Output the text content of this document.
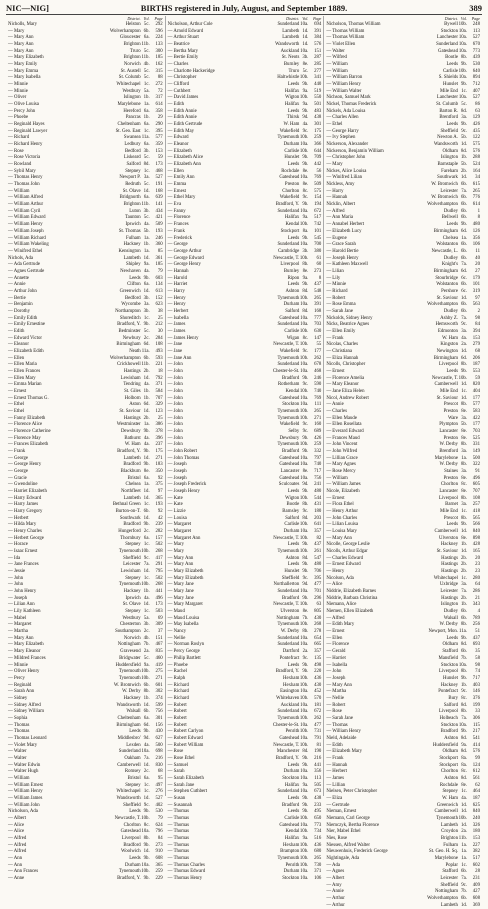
NIC—NIG]	BIRTHS registered in July, August, and September 1889.	389
District. Vol.	Page
Nicholls, Mary	Helston 5c.	292
— Mary	Wolverhampton 6b.	596
— Mary Ann	Gloucester 6a.	224
— Mary Ann	Brighton 11b.	133
— Mary Ann	Truro 5c.	300
— Mary Elizabeth	Brighton 11b.	185
— Mary Emily	Norwich 4b.	162
— Mary Emma	St. Austell 5c.	315
— Mary Isabella	St. Columb 5c.	88
— Minnie	Whitechapel 1c.	272
— Minnie	Westbury 5a.	72
— Oliver	Islington 1b.	317
— Olive Louisa	Marylebone 1a.	614
— Percy John	Hereford 6a.	358
— Phoebe	Pancras 1b.	29
— Reginald Hayes	Cheltenham 6a.	290
— Reginald Lawyer	St. Geo. East 1c.	395
— Richard	Swansea 11a.	577
— Richard Henry	Ledbury 6a.	359
— Rose	Bedford 3b.	153
— Rose Victoria	Liskeard 5c.	59
— Rowland	Salford 8d.	173
— Sybil Mary	Stepney 1c.	468
— Thomas Henry	Newport P. 3a.	527
— Thomas John	Redruth 5c.	191
— William	St. Olave 1d.	168
— William Alfred	Bridgnorth 6a.	639
— William Arthur	Brighton 11b.	141
— William Cyril	Luton 3b.	434
— William Edward	Taunton 5c.	421
— William Henry	Ipswich 4a.	509
— William Joseph	St. Thomas 5b.	193
— William Richard	Fulham 1a.	246
— William Wakeling	Hackney 1b.	360
— Winifred Ethel	Kensington 1a.	85
Nichols, Ada	Lambeth 1d.	361
— Ada Gertrude	Shipley 9a.	185
— Agnes Gertrude	Newhaven 4a.	79
— Annette	Leeds 9b.	603
— Annie	Clifton 6a.	134
— Arthur John	Greenwich 1d.	613
— Bertie	Bedford 3b.	152
— Benjamin	Wycombe 3a.	623
— Dorothy	Northampton 3b.	38
— Emily Edith	Shoreditch 1c.	25
— Emily Ernestine	Bradford, Y. 9b.	212
— Edith	Bedminster 5c.	30
— Edward Victor	Newbury 2c.	284
— Eleanor	Birmingham 6d.	108
— Elizabeth Edith	Neath 11a.	493
— Ellen	Wolverhampton 6b.	593
— Ellen Maria	Crickhowell 11b.	221
— Ellen Frances	Hastings 2b.	18
— Ellen Mary	Lewisham 1d.	792
— Emma Marian	Tendring 4a.	371
— Ernest	St. Giles 1b.	584
— Ernest Thomas G.	Holborn 1b.	707
— Ethel	Aston 6d.	329
— Ethel	St. Saviour 1d.	123
— Fanny Elizabeth	Hastings 2b.	25
— Florence Alice	Westminster 1a.	386
— Florence Catherine	Dewsbury 9b.	378
— Florence May	Bathurst 4a.	396
— Frances Elizabeth	W. Ham 4a.	237
— Frank	Bradford, Y. 9b.	175
— George	Lambeth 1d.	271
— George Henry	Bradford 9b.	183
— George	Blackburn 8e.	350
— Gracie	Bristol 6a.	92
— Gwendoline	Chelsea 1a.	375
— Harriet Elizabeth	Northfleet 1d.	97
— Harry Edward	Lambeth 1d.	365
— Harry James	Bethnal Green 1c.	193
— Harry Gregory	Burton-on-T. 6b.	92
— Herbert	Southwark 1d.	42
— Hilda Mary	Bradford 9b.	239
— Henry Charles	Hungerford 2c.	282
— Herbert George	Thornbury 6a.	157
— Horace	Stepney 1c.	502
— Isaac Ernest	Tynemouth 10b.	268
— Ida	Sheffield 9c.	417
— Jane Frances	Leicester 7a.	291
— Jessie	Lewisham 1d.	795
— John	Stepney 1c.	502
— John	Tynemouth 10b.	268
— John Henry	Hackney 1b.	441
— Joseph	Ipswich 4a.	496
— Lilian Ann	St. Olave 1d.	173
— Lily Kathleen	Stepney 1c.	503
— Mabel	Westbury 5a.	69
— Margaret	Chesterton 3b.	309
— Martha	Southampton 2c.	37
— Mary Ann	Norwich 4b.	151
— Mary Elizabeth	Nottingham 7b.	467
— Mary Eleanor	Gravesend 2a.	835
— Mildred Frances	Bridgwater 5c.	460
— Minnie	Huddersfield 9a.	419
— Oliver Henry	Tynemouth 10b.	275
— Percy	Tynemouth 10b.	271
— Reginald	W. Bromwich 6b.	601
— Sarah Ann	W. Derby 8b.	302
— Sidney	Hackney 1b.	374
— Sidney Alfred	Wandsworth 1d.	599
— Sidney William	Walsall 6b.	756
— Sophia	Cheltenham 6a.	301
— Thomas	Birmingham 6d.	156
— Thomas	Leeds 9b.	430
— Thomas Leonard	Middlesbro' 9d.	627
— Violet Mary	Lexden 4a.	500
— Walter	Sunderland 10a.	698
— Walter	Oakham 7a.	216
— Walter Edwin	Camberwell 1d.	830
— Walter Hugh	Romsey 2c.	68
— William	Bristol 6a.	95
— William Ernest	Stepney 1c.	497
— William Henry	Whitechapel 1c.	276
— William James	Wandsworth 1d.	527
— William John	Sheffield 9c.	402
Nicholson, Ada	Leeds 9b.	530
— Albert	Newcastle, T. 10b.	79
— Alice	Chorlton 8c.	624
— Alice	Gateshead 10a.	796
— Alfred	Liverpool 8b.	84
— Alfred	Bradford 9b.	273
— Alfred	Woolwich 1d.	910
— Ann	Leeds 9b.	608
— Ann	Durham 10a.	365
— Ann Frances	Tynemouth 10b.	259
— Anne	Bradford, Y. 9b.	229
District. Vol.	Page
Nicholson, Arthur Cole	Sunderland 10a.	694
— Arnold Edward	Lambeth 1d.	391
— Arthur Stuart	Lambeth 1d.	384
— Beatrice	Wandsworth 1d.	576
— Bertha Mary	Auckland 10a.	151
— Bertie Emily	St. Neots 3b.	287
— Charles	Burnley 8e.	285
— Charlotte Hackeridge	Truro 5c.	277
— Christopher	Haltwhistle 10b.	341
— Clifford	Leeds 9b.	440
— Cuthbert	Halifax 9a.	519
— David James	Wigton 10b.	550
— Edith	Halifax 9a.	501
— Edith Annie	Leeds 9b.	483
— Edith Annie	Thirsk 9d.	438
— Edith Gertrude	W. Ham 4a.	301
— Edith May	Wakefield 9c.	175
— Edward	Tynemouth 10b.	259
— Eleanor	Durham 10a.	366
— Elizabeth	Carlisle 10b.	644
— Elizabeth Alice	Hunslet 9b.	709
— Elizabeth Ann	Leeds 9b.	442
— Ellen	Rochdale 8e.	56
— Emily Ann	Gateshead 10a.	769
— Emma	Preston 8e.	509
— Ernest	Chorlton 8c.	575
— Ethel Mary	Wakefield 9c.	154
— Eva	Bradford, Y. 9b.	194
— Fanny	Sunderland 10a.	672
— Florence	Halifax 9a.	517
— Frances	Kendal 10b.	742
— Frank	Stockport 8a.	101
— Frederick	Leeds 9b.	545
— George	Sunderland 10a.	700
— George Arthur	Cambridge 3b.	380
— George Edward	Newcastle, T. 10b.	61
— George Henry	Liverpool 8b.	60
— Hannah	Burnley 8e.	273
— Harold	Ripon 9a.	8
— Harriet	Leeds 9b.	437
— Harry	Ashton 8d.	548
— Henry	Tynemouth 10b.	265
— Henry	Durham 10a.	391
— Herbert	Salford 8d.	168
— Isabella	Gateshead 10a.	777
— James	Sunderland 10a.	703
— James	Carlisle 10b.	630
— James Henry	Wigan 8c.	147
— Jane	Newcastle, T. 10b.	55
— Jane	Wakefield 9c.	177
— Jane Ann	Tynemouth 10b.	262
— John	Sunderland 10a.	678
— John	Chester-le-St. 10a.	468
— John	Bradford 9b.	246
— John	Rotherham 9c.	590
— John	Kendal 10b.	740
— John	Gateshead 10a.	769
— John	Stockton 10a.	111
— John	Tynemouth 10b.	265
— John	Tynemouth 10b.	271
— John	Wakefield 9c.	160
— John	Selby 9c.	689
— John	Dewsbury 9b.	426
— John	Tynemouth 10b.	259
— John Robert	Bradford 9b.	332
— John Thomas	Gateshead 10a.	797
— Joseph	Gateshead 10a.	740
— Joseph	Lancaster 8e.	717
— Joseph	Gateshead 10a.	756
— Joseph Frederick	Sculcoates 9d.	241
— Joseph Henry	Leeds 9b.	480
— Kate	Wigton 10b.	544
— Kate	Bootle 8b.	431
— Lizzie	Barnsley 9c.	180
— Louisa	Salford 8d.	203
— Margaret	Carlisle 10b.	641
— Margaret	Durham 10a.	357
— Margaret Ann	Newcastle, T. 10b.	82
— Mary	Leeds 9b.	437
— Mary	Tynemouth 10b.	261
— Mary Ann	Ashton 8d.	547
— Mary Ann	Leeds 9b.	480
— Mary Elizabeth	Hunslet 9b.	706
— Mary Elizabeth	Sheffield 9c.	395
— Mary Jane	Northallerton 9d.	477
— Mary Jane	Sunderland 10a.	701
— Mary Jane	Bradford 9b.	296
— Mary Margaret	Newcastle, T. 10b.	63
— Maud	Ulverston 8e.	805
— Maud Louisa	Nottingham 7b.	430
— May Isabella	Tynemouth 10b.	268
— Nancy	W. Derby 8b.	278
— Nellie	Sunderland 10a.	654
— Norman Roslyn	Sunderland 10a.	665
— Percy George	Dartford 2a.	357
— Philip Bartlett	Pontefract 9c.	135
— Phoebe	Leeds 9b.	498
— Rachel	Bradford, Y. 9b.	220
— Ralph	Hexham 10b.	436
— Richard	Hexham 10b.	430
— Richard	Easington 10a.	452
— Richard	Whitehaven 10b.	570
— Robert	Auckland 10a.	181
— Robert	Sunderland 10a.	672
— Robert	Tynemouth 10b.	262
— Robert	Chester-le-St. 10a.	477
— Robert Carlyon	Penrith 10b.	731
— Robert Edward	Gateshead 10a.	791
— Robert William	Newcastle, T. 10b.	81
— Rose	Manchester 8d.	190
— Rose Ethel	Bradford, Y. 9b.	216
— Samuel	Leeds 9b.	441
— Sarah	Durham 10a.	356
— Sarah Elizabeth	Stockton 10a.	113
— Sarah Jane	Halifax 9a.	505
— Stephen Cuthbert	Sunderland 10a.	673
— Susan	Leeds 9b.	438
— Susannah	Bradford 9b.	233
— Thomas	Leeds 9b.	495
— Thomas	Carlisle 10b.	650
— Thomas	Gateshead 10a.	773
— Thomas	Kendal 10b.	734
— Thomas	Halifax 9a.	516
— Thomas	Hexham 10b.	436
— Thomas	Brampton 10b.	680
— Thomas	Tynemouth 10b.	265
— Thomas Charles	Penrith 10b.	730
— Thomas Edward	Durham 10a.	371
— Thomas Henry	Stockton 10a.	106
District. Vol.	Page
Nicholson, Thomas William	Bywell 10b.	248
— Thomas William	Stockton 10a.	113
— Thomas William	Lanchester 10a.	527
— Violet Ellen	Sunderland 10a.	670
— Walter	Gateshead 10a.	773
— Wilfred	Bootle 8b.	439
— William	Leeds 9b.	530
— William	Carlisle 10b.	640
— William Barron	S. Shields 10a.	894
— William Henry	Hunslet 9b.	712
— William Walter	Mile End 1c.	407
Nichson, Samuel Mark	Lanchester 10a.	527
Nickel, Thomas Frederick	St. Columb 5c.	86
Nickels, Ada Louisa	Barton R. 8d.	63
— Charles Allen	Brentford 3a.	129
— Ethel	Leeds 9b.	426
— George Harry	Sheffield 9c.	435
— Ivy Stephen	Newton A. 5b.	122
Nickerson, Alexander	Wandsworth 1d.	575
Nickerson, Benjamin William	Oldham 8d.	576
— Christopher John	Islington 1b.	288
— Mary	Barnstaple 5b.	524
Nickes, Alice Louisa	Fareham 2b.	164
— Winifred Lilian	Southwark 1d.	34
Nickless, Amy	W. Bromwich 6b.	615
— Harry	Leicester 7a.	265
— Hannah	W. Bromwich 6b.	776
Nicklin, Albert	Wolverhampton 6b.	614
— Alfred	Dudley 6b.	1
— Ann Maria	Bellwell 6b.	8
— Annabel Herbert	Leeds 9b.	480
— Elizabeth Lucy	Birmingham 6d.	126
— Eugene	Chelsea 1a.	356
— Grace Sarah	Wolstanton 6b.	106
— Harold Bertie	Newcastle, L. 6b.	11
— Joseph Henry	Dudley 6b.	40
— Kathleen Maxwell	Knight's 7a.	20
— Lilian	Birmingham 6d.	27
— Lily	Stourbridge 6c.	179
— Minnie	Wolstanton 6b.	101
— Richard	Pershore 6c.	319
— Robert	St. Saviour 1d.	97
— Rose Emma	Wolverhampton 6b.	563
— Sarah Jane	Dudley 6b.	2
Nickolds, Sidney Henry	Ashby Z. 7a.	98
Nicks, Beatrice Agnes	Hemsworth 9c.	84
— Ellen Emily	Edmonton 3a.	394
— Frank	W. Ham 4a.	153
Nicolas, Charles	Kingston 2a.	279
— Christiana	Newington 1d.	68
— Eliza Hannah	Birmingham 6d.	206
Nicolls, Christopher	Liverpool 8b.	187
— Ernest	Leeds 9b.	553
— Florence Amelia	Newcastle, T. 10b.	59
— Mary Eleanor	Camberwell 1d.	820
— Jane Eliza Helen	Mile End 1c.	404
Nicol, Andrew Robert	St. Saviour 1d.	177
— Annie	Prescot 8b.	577
— Charles	Preston 8e.	583
— Ellen Maude	Ware 3a.	422
— Ellen Rosellata	Plympton 5b.	177
— Everard Edward	Lancaster 8e.	703
— Frances Maud	Preston 8e.	525
— John Vincent	W. Derby 8b.	331
— John Wilfred	Brentford 3a.	149
— Lillian Grace	Marylebone 1a.	500
— Mary Agnes	W. Derby 8b.	322
— Rose Mercy	Staines 3a.	91
— William	Preston 8e.	496
— William James	Chorlton 8c.	605
Nicole, Elizabeth	Lancaster 8e.	707
— Ernest	Liverpool 8b.	108
— Flora Ethel	Barnet 3a.	257
— Henry Arthur	Mile End 1c.	418
— John Charles	Prescot 8b.	565
— Lilian Louisa	Leeds 9b.	566
— Louisa Mary	Camberwell 1d.	840
— Mary Ann	Ulverston 8e.	898
Nicolle, George Leslie	Hackney 1b.	428
Nicolls, Arthur Edgar	St. Saviour 1d.	165
— Charles Edward	Hastings 2b.	20
— Ernest Edward	Hastings 2b.	23
— Henry	Hastings 2b.	23
Nicolson, Ada	Whitechapel 1c.	280
— Alice	Uxbridge 3a.	64
Niddrie, Elizabeth Barnes	Leicester 7a.	286
Niddrie, Barbara Christina	Hastings 2b.	21
Niemann, Alice	Islington 1b.	343
Niemen, Ellen Elizabeth	Dudley 6b.	4
— Alfred	Walsall 6b.	789
— Edith Mary	W. Derby 8b.	256
— Ernest	Newport, Mon. 11a.	51
— Ellen	Leeds 9b.	437
— Florence	Oldham 8d.	693
— Gerald	Stafford 6b.	35
— Harriet	Mansfield 7b.	58
— Isabella	Stockton 10a.	98
— John	Liverpool 8b.	74
— Joseph	Hunslet 9b.	717
— Mary Ann	Hackney 1b.	403
— Martha	Pontefract 9c.	146
— Nellie	Bury 8c.	376
— Robert	Salford 8d.	199
— Rose	Liverpool 8b.	33
— Sarah Jane	Holbeach 7a.	306
— Thomas	Stockton 10a.	115
— William Henry	Bradford 9b.	217
Nield, Adelaide	Ashton 8d.	541
— Edith	Huddersfield 9a.	414
— Elizabeth Mary	Oldham 8d.	576
— Frank	Stockport 8a.	99
— Hannah	Stockport 8a.	124
— Herbert	Chorlton 8c.	612
— James	Ashton 8d.	561
— Lillian	Rochdale 8e.	62
Nielsen, Peter Christopher	Stepney 1c.	464
— Eliza	W. Ham 4a.	187
— Gertrude	Greenwich 1d.	625
Nieman, Ernest	Camberwell 1d.	840
Niemann, Carl George	Tynemouth 10b.	240
Niemczyk, Bertha Florence	Lambeth 1d.	326
Nier, Mabel Ethel	Croydon 2a.	180
Nies, Rose	Brighton 11b.	153
Niessen, Alfred Walter	Fulham 1a.	227
Nieuwenhuis, Frederick George	St. Geo. H. Sq. 1a.	382
Nightingale, Ada	Marylebone 1a.	517
— Ada	Poplar 1c.	602
— Agnes	Stafford 6b.	28
— Albert	Leicester 7a.	231
— Amy	Sheffield 9c.	409
— Annie	Nottingham 7b.	427
— Arthur	Wolverhampton 6b.	608
— Arthur	Lambeth 1d.	369
